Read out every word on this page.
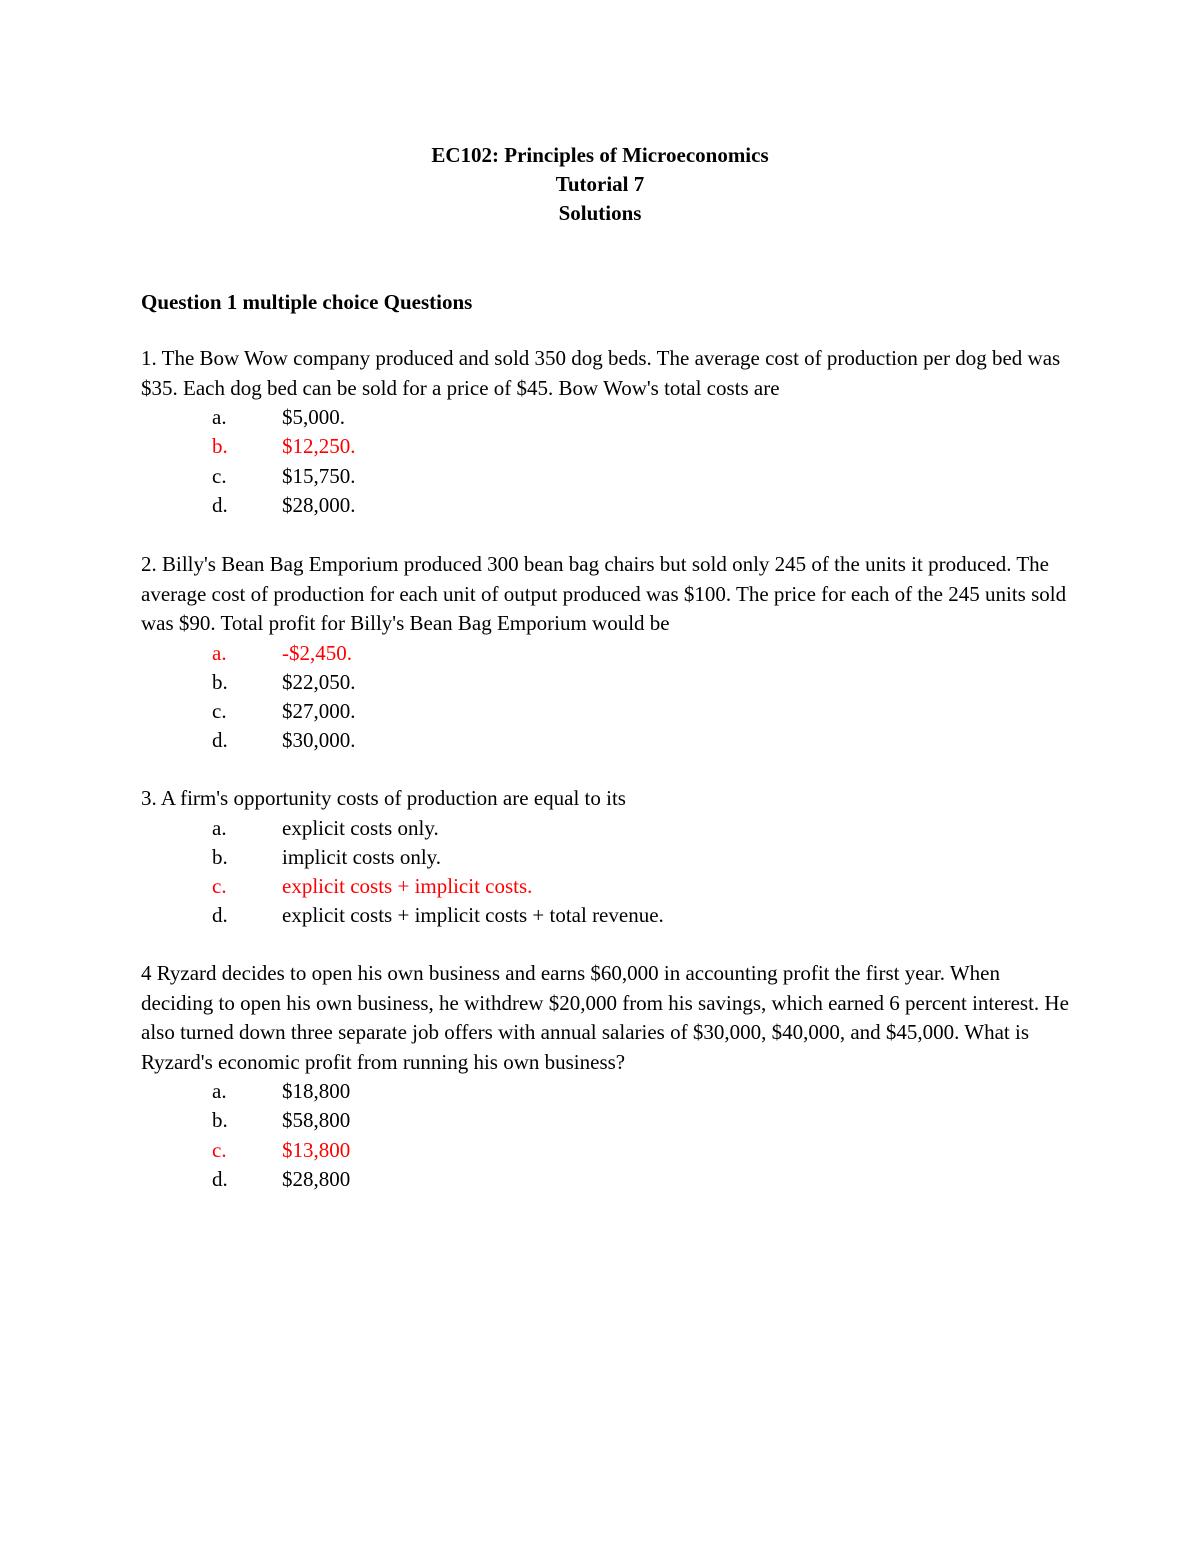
EC102: Principles of Microeconomics
Tutorial 7
Solutions
Question 1 multiple choice Questions

1. The Bow Wow company produced and sold 350 dog beds. The average cost of production per dog bed was $35. Each dog bed can be sold for a price of $45. Bow Wow's total costs are

a.	$5,000.
b.	$12,250.
c.	$15,750.
d.	$28,000.

2. Billy's Bean Bag Emporium produced 300 bean bag chairs but sold only 245 of the units it produced. The average cost of production for each unit of output produced was $100. The price for each of the 245 units sold was $90. Total profit for Billy's Bean Bag Emporium would be

a.	-$2,450.
b.	$22,050.
c.	$27,000.
d.	$30,000.

3. A firm's opportunity costs of production are equal to its

a.	explicit costs only.
b.	implicit costs only.
c.	explicit costs + implicit costs.
d.	explicit costs + implicit costs + total revenue.

4 Ryzard decides to open his own business and earns $60,000 in accounting profit the first year. When deciding to open his own business, he withdrew $20,000 from his savings, which earned 6 percent interest. He also turned down three separate job offers with annual salaries of $30,000, $40,000, and $45,000. What is Ryzard's economic profit from running his own business?

a.	$18,800
b.	$58,800
c.	$13,800
d.	$28,800
